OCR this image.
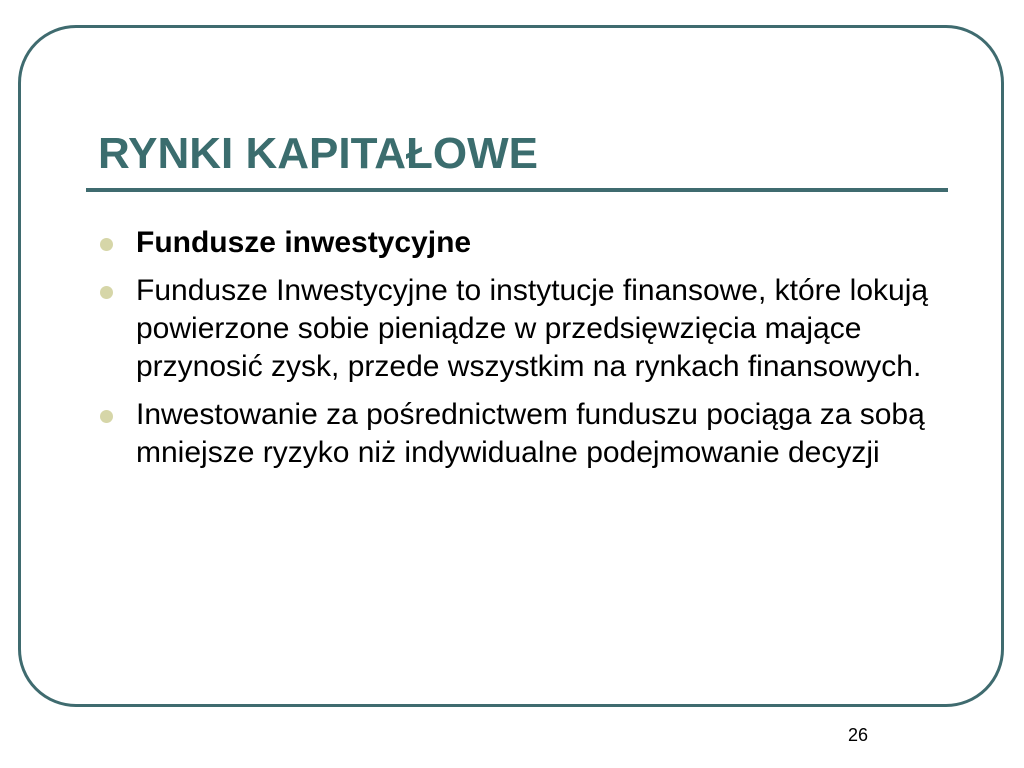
RYNKI KAPITAŁOWE
Fundusze inwestycyjne
Fundusze Inwestycyjne to instytucje finansowe, które lokują powierzone sobie pieniądze w przedsięwzięcia mające przynosić zysk, przede wszystkim na rynkach finansowych.
Inwestowanie za pośrednictwem funduszu pociąga za sobą mniejsze ryzyko niż indywidualne podejmowanie decyzji
26
